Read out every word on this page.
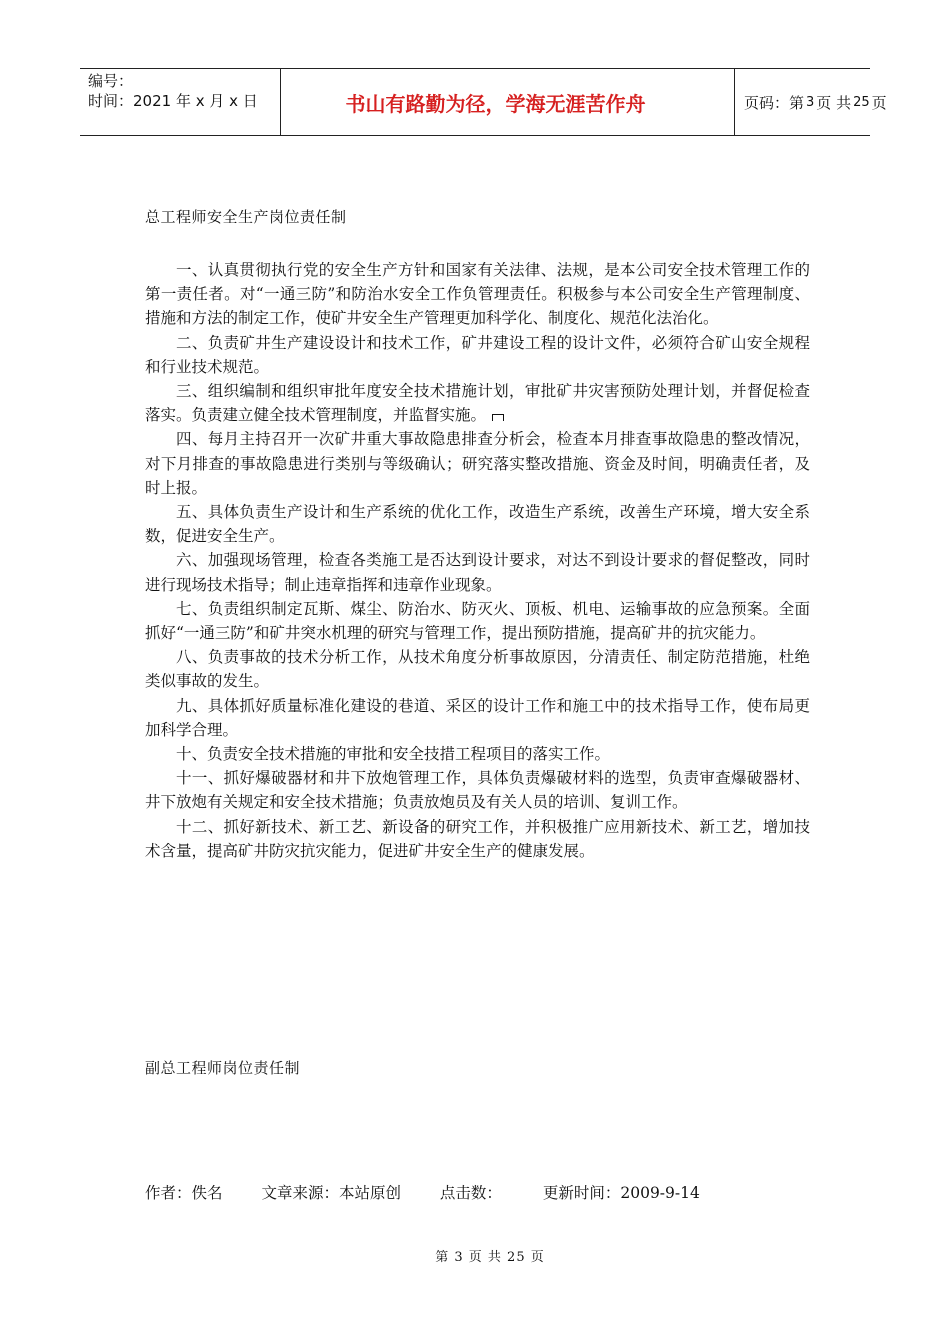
编号：
时间：2021 年 x 月 x 日	书山有路勤为径，学海无涯苦作舟	页码：第 3 页 共 25 页
总工程师安全生产岗位责任制

一、认真贯彻执行党的安全生产方针和国家有关法律、法规，是本公司安全技术管理工作的第一责任者。对“一通三防”和防治水安全工作负管理责任。积极参与本公司安全生产管理制度、措施和方法的制定工作，使矿井安全生产管理更加科学化、制度化、规范化法治化。

二、负责矿井生产建设设计和技术工作，矿井建设工程的设计文件，必须符合矿山安全规程和行业技术规范。

三、组织编制和组织审批年度安全技术措施计划，审批矿井灾害预防处理计划，并督促检查落实。负责建立健全技术管理制度，并监督实施。

四、每月主持召开一次矿井重大事故隐患排查分析会，检查本月排查事故隐患的整改情况，对下月排查的事故隐患进行类别与等级确认；研究落实整改措施、资金及时间，明确责任者，及时上报。

五、具体负责生产设计和生产系统的优化工作，改造生产系统，改善生产环境，增大安全系数，促进安全生产。

六、加强现场管理，检查各类施工是否达到设计要求，对达不到设计要求的督促整改，同时进行现场技术指导；制止违章指挥和违章作业现象。

七、负责组织制定瓦斯、煤尘、防治水、防灭火、顶板、机电、运输事故的应急预案。全面抓好“一通三防”和矿井突水机理的研究与管理工作，提出预防措施，提高矿井的抗灾能力。

八、负责事故的技术分析工作，从技术角度分析事故原因，分清责任、制定防范措施，杜绝类似事故的发生。

九、具体抓好质量标准化建设的巷道、采区的设计工作和施工中的技术指导工作，使布局更加科学合理。

十、负责安全技术措施的审批和安全技措工程项目的落实工作。

十一、抓好爆破器材和井下放炮管理工作，具体负责爆破材料的选型，负责审查爆破器材、井下放炮有关规定和安全技术措施；负责放炮员及有关人员的培训、复训工作。

十二、抓好新技术、新工艺、新设备的研究工作，并积极推广应用新技术、新工艺，增加技术含量，提高矿井防灾抗灾能力，促进矿井安全生产的健康发展。

副总工程师岗位责任制
作者：佚名	文章来源：本站原创	点击数：	更新时间：2009-9-14
第 3 页 共 25 页
